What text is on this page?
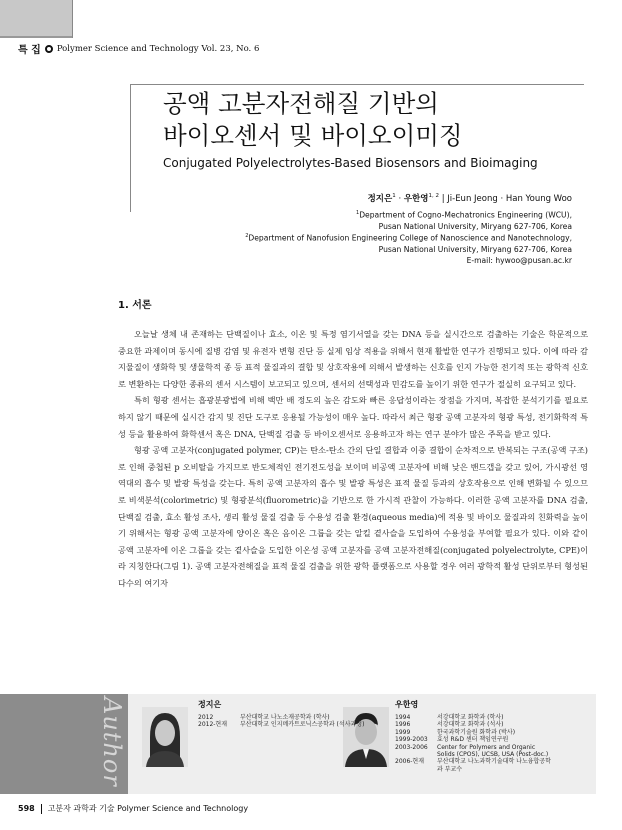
특 집 Polymer Science and Technology Vol. 23, No. 6
공액 고분자전해질 기반의
바이오센서 및 바이오이미징
Conjugated Polyelectrolytes-Based Biosensors and Bioimaging
정지은$^1$ · 우한영$^{1, 2}$ | Ji-Eun Jeong · Han Young Woo
$^1$Department of Cogno-Mechatronics Engineering (WCU),
Pusan National University, Miryang 627-706, Korea
$^2$Department of Nanofusion Engineering College of Nanoscience and Nanotechnology,
Pusan National University, Miryang 627-706, Korea
E-mail: hywoo@pusan.ac.kr
1. 서론

오늘날 생체 내 존재하는 단백질이나 효소, 이온 및 특정 염기서열을 갖는 DNA 등을 실시간으로 검출하는 기술은 학문적으로 중요한 과제이며 동시에 질병 감염 및 유전자 변형 진단 등 실제 임상 적용을 위해서 현재 활발한 연구가 진행되고 있다. 이에 따라 감지물질이 생화학 및 생물학적 종 등 표적 물질과의 결합 및 상호작용에 의해서 발생하는 신호를 인지 가능한 전기적 또는 광학적 신호로 변환하는 다양한 종류의 센서 시스템이 보고되고 있으며, 센서의 선택성과 민감도를 높이기 위한 연구가 절실히 요구되고 있다.

특히 형광 센서는 흡광분광법에 비해 백만 배 정도의 높은 감도와 빠른 응답성이라는 장점을 가지며, 복잡한 분석기기를 필요로 하지 않기 때문에 실시간 감지 및 진단 도구로 응용될 가능성이 매우 높다. 따라서 최근 형광 공액 고분자의 형광 특성, 전기화학적 특성 등을 활용하여 화학센서 혹은 DNA, 단백질 검출 등 바이오센서로 응용하고자 하는 연구 분야가 많은 주목을 받고 있다.

형광 공액 고분자(conjugated polymer, CP)는 탄소-탄소 간의 단일 결합과 이중 결합이 순차적으로 반복되는 구조(공액 구조)로 인해 중첩된 p 오비탈을 가지므로 반도체적인 전기전도성을 보이며 비공액 고분자에 비해 낮은 밴드갭을 갖고 있어, 가시광선 영역대의 흡수 및 발광 특성을 갖는다. 특히 공액 고분자의 흡수 및 발광 특성은 표적 물질 등과의 상호작용으로 인해 변화될 수 있으므로 비색분석(colorimetric) 및 형광분석(fluorometric)을 기반으로 한 가시적 관찰이 가능하다. 이러한 공액 고분자를 DNA 검출, 단백질 검출, 효소 활성 조사, 생리 활성 물질 검출 등 수용성 검출 환경(aqueous media)에 적용 및 바이오 물질과의 친화력을 높이기 위해서는 형광 공액 고분자에 양이온 혹은 음이온 그룹을 갖는 알킬 곁사슬을 도입하여 수용성을 부여할 필요가 있다. 이와 같이 공액 고분자에 이온 그룹을 갖는 곁사슬을 도입한 이온성 공액 고분자를 공액 고분자전해질(conjugated polyelectrolyte, CPE)이라 지칭한다(그림 1). 공액 고분자전해질을 표적 물질 검출을 위한 광학 플랫폼으로 사용할 경우 여러 광학적 활성 단위로부터 형성된 다수의 여기자

Author	정지은
2012	부산대학교 나노소재공학과 (학사)
2012-현재	부산대학교 인지메카트로닉스공학과 (석사과정)
우한영
1994	서강대학교 화학과 (학사)
1996	서강대학교 화학과 (석사)
1999	한국과학기술원 화학과 (박사)
1999-2003	효성 R&D 센터 책임연구원
2003-2006	Center for Polymers and Organic Solids (CPOS), UCSB, USA (Post-doc.)
2006-현재	부산대학교 나노과학기술대학 나노융합공학과 부교수
598 고분자 과학과 기술 Polymer Science and Technology
